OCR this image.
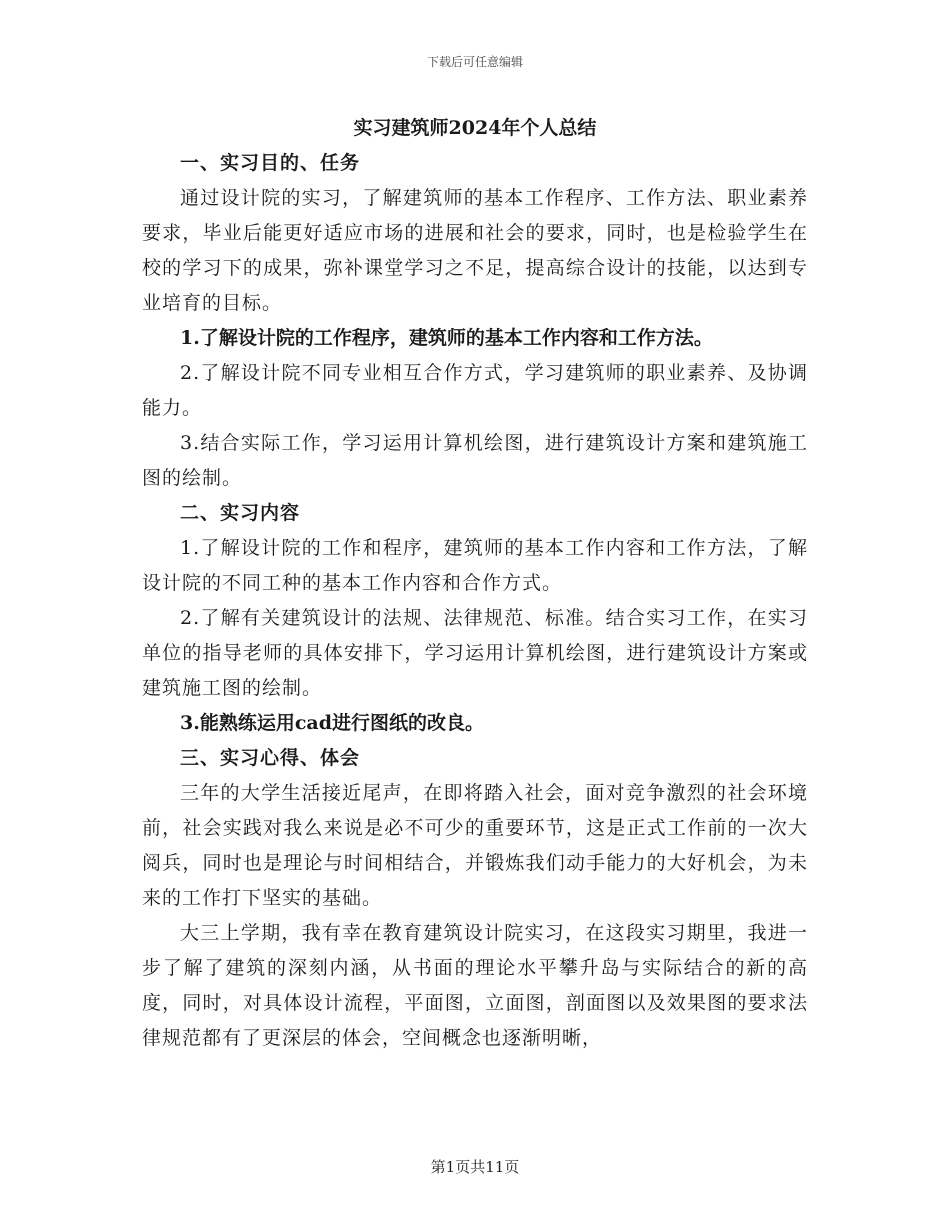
下载后可任意编辑

实习建筑师2024年个人总结

一、实习目的、任务

通过设计院的实习，了解建筑师的基本工作程序、工作方法、职业素养要求，毕业后能更好适应市场的进展和社会的要求，同时，也是检验学生在校的学习下的成果，弥补课堂学习之不足，提高综合设计的技能，以达到专业培育的目标。

1.了解设计院的工作程序，建筑师的基本工作内容和工作方法。

2.了解设计院不同专业相互合作方式，学习建筑师的职业素养、及协调能力。

3.结合实际工作，学习运用计算机绘图，进行建筑设计方案和建筑施工图的绘制。

二、实习内容

1.了解设计院的工作和程序，建筑师的基本工作内容和工作方法，了解设计院的不同工种的基本工作内容和合作方式。

2.了解有关建筑设计的法规、法律规范、标准。结合实习工作，在实习单位的指导老师的具体安排下，学习运用计算机绘图，进行建筑设计方案或建筑施工图的绘制。

3.能熟练运用cad进行图纸的改良。

三、实习心得、体会

三年的大学生活接近尾声，在即将踏入社会，面对竞争激烈的社会环境前，社会实践对我么来说是必不可少的重要环节，这是正式工作前的一次大阅兵，同时也是理论与时间相结合，并锻炼我们动手能力的大好机会，为未来的工作打下坚实的基础。

大三上学期，我有幸在教育建筑设计院实习，在这段实习期里，我进一步了解了建筑的深刻内涵，从书面的理论水平攀升岛与实际结合的新的高度，同时，对具体设计流程，平面图，立面图，剖面图以及效果图的要求法律规范都有了更深层的体会，空间概念也逐渐明晰，

第1页共11页
